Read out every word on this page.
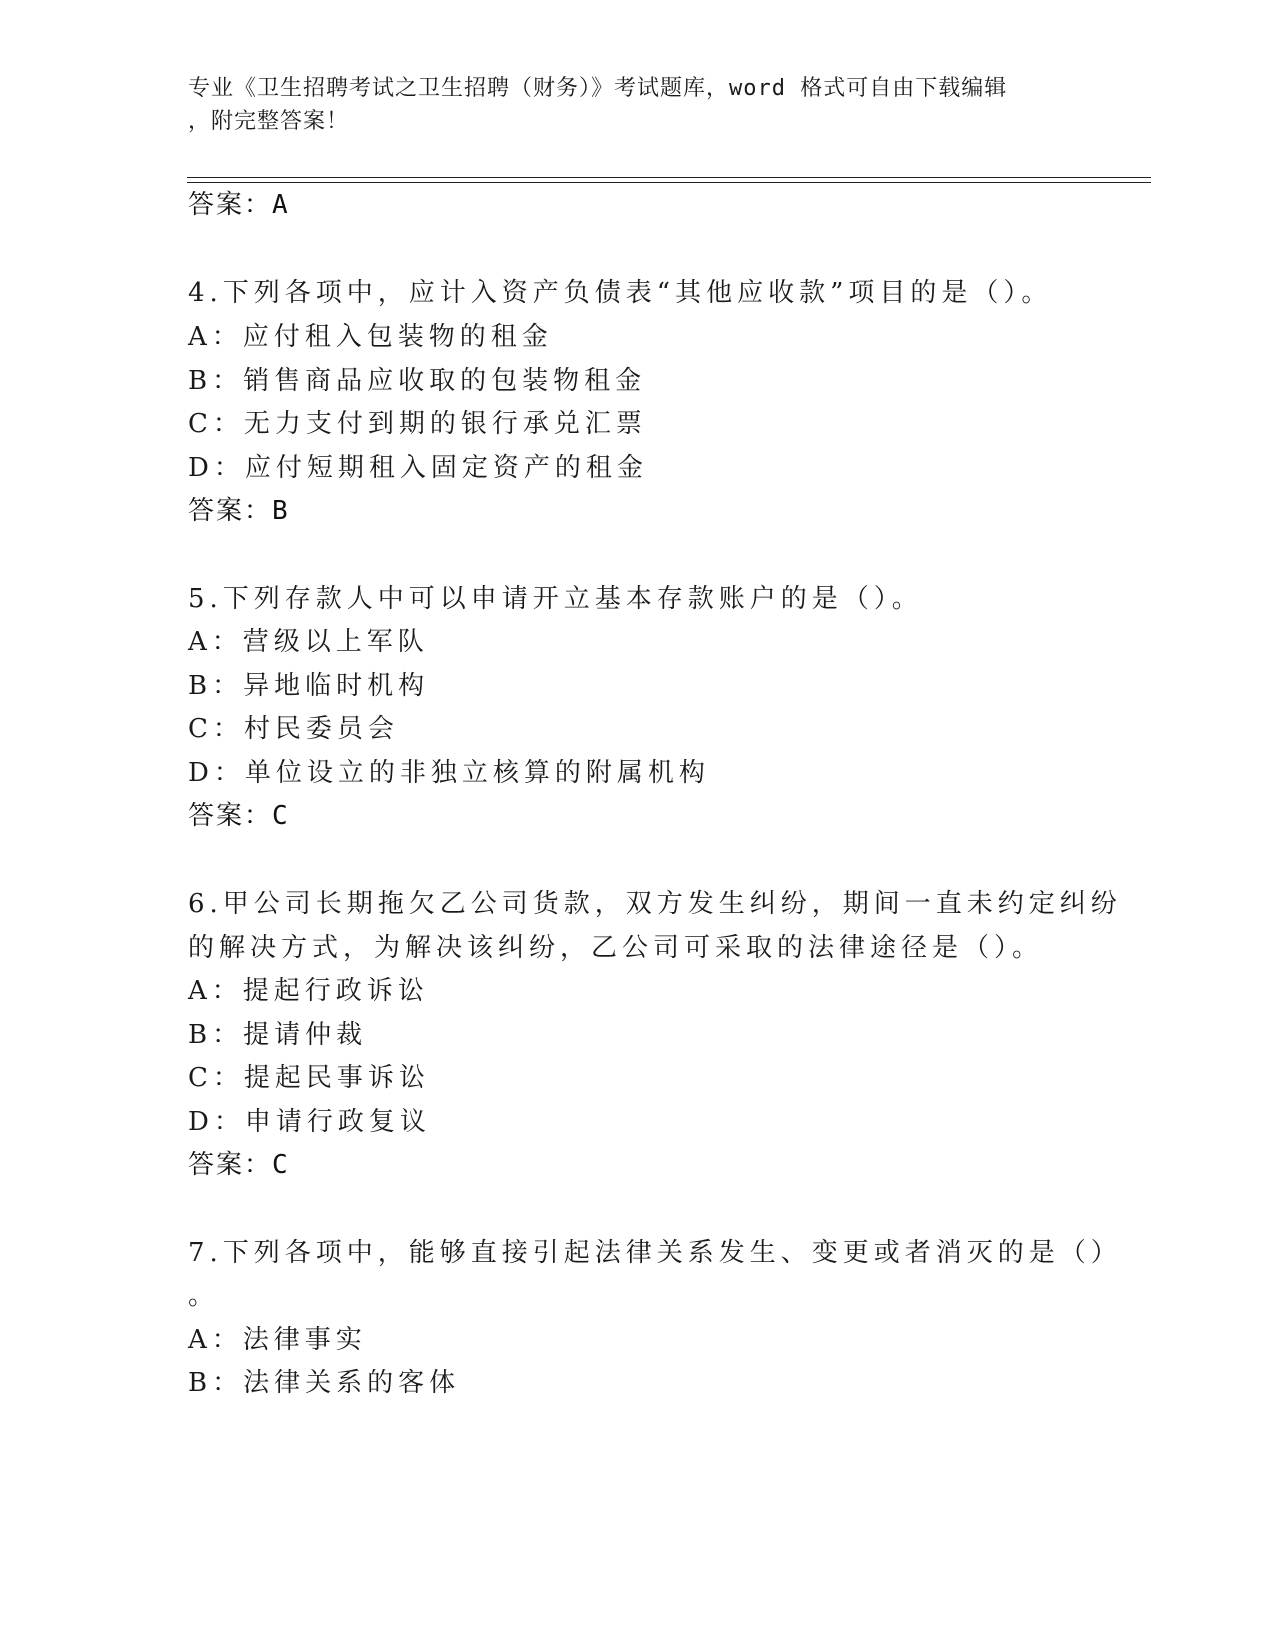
专业《卫生招聘考试之卫生招聘（财务）》考试题库，word 格式可自由下载编辑
，附完整答案！
答案：A
4.下列各项中，应计入资产负债表“其他应收款”项目的是（）。
A：应付租入包装物的租金
B：销售商品应收取的包装物租金
C：无力支付到期的银行承兑汇票
D：应付短期租入固定资产的租金
答案：B
5.下列存款人中可以申请开立基本存款账户的是（）。
A：营级以上军队
B：异地临时机构
C：村民委员会
D：单位设立的非独立核算的附属机构
答案：C
6.甲公司长期拖欠乙公司货款，双方发生纠纷，期间一直未约定纠纷
的解决方式，为解决该纠纷，乙公司可采取的法律途径是（）。
A：提起行政诉讼
B：提请仲裁
C：提起民事诉讼
D：申请行政复议
答案：C
7.下列各项中，能够直接引起法律关系发生、变更或者消灭的是（）
。
A：法律事实
B：法律关系的客体
